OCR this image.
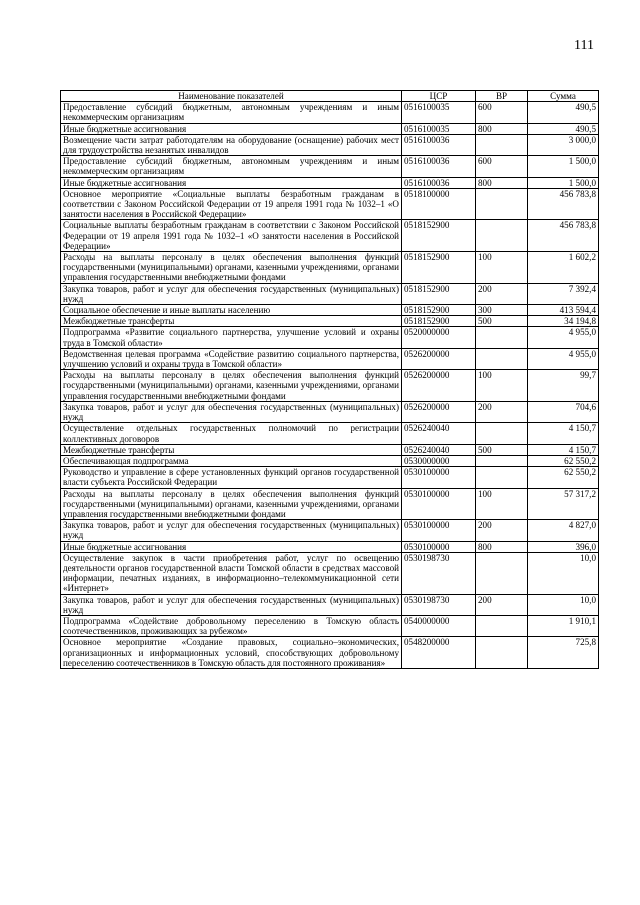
111
Наименование показателей	ЦСР	ВР	Сумма
Предоставление субсидий бюджетным, автономным учреждениям и иным некоммерческим организациям	0516100035	600	490,5
Иные бюджетные ассигнования	0516100035	800	490,5
Возмещение части затрат работодателям на оборудование (оснащение) рабочих мест для трудоустройства незанятых инвалидов	0516100036		3 000,0
Предоставление субсидий бюджетным, автономным учреждениям и иным некоммерческим организациям	0516100036	600	1 500,0
Иные бюджетные ассигнования	0516100036	800	1 500,0
Основное мероприятие «Социальные выплаты безработным гражданам в соответствии с Законом Российской Федерации от 19 апреля 1991 года № 1032–1 «О занятости населения в Российской Федерации»	0518100000		456 783,8
Социальные выплаты безработным гражданам в соответствии с Законом Российской Федерации от 19 апреля 1991 года № 1032–1 «О занятости населения в Российской Федерации»	0518152900		456 783,8
Расходы на выплаты персоналу в целях обеспечения выполнения функций государственными (муниципальными) органами, казенными учреждениями, органами управления государственными внебюджетными фондами	0518152900	100	1 602,2
Закупка товаров, работ и услуг для обеспечения государственных (муниципальных) нужд	0518152900	200	7 392,4
Социальное обеспечение и иные выплаты населению	0518152900	300	413 594,4
Межбюджетные трансферты	0518152900	500	34 194,8
Подпрограмма «Развитие социального партнерства, улучшение условий и охраны труда в Томской области»	0520000000		4 955,0
Ведомственная целевая программа «Содействие развитию социального партнерства, улучшению условий и охраны труда в Томской области»	0526200000		4 955,0
Расходы на выплаты персоналу в целях обеспечения выполнения функций государственными (муниципальными) органами, казенными учреждениями, органами управления государственными внебюджетными фондами	0526200000	100	99,7
Закупка товаров, работ и услуг для обеспечения государственных (муниципальных) нужд	0526200000	200	704,6
Осуществление отдельных государственных полномочий по регистрации коллективных договоров	0526240040		4 150,7
Межбюджетные трансферты	0526240040	500	4 150,7
Обеспечивающая подпрограмма	0530000000		62 550,2
Руководство и управление в сфере установленных функций органов государственной власти субъекта Российской Федерации	0530100000		62 550,2
Расходы на выплаты персоналу в целях обеспечения выполнения функций государственными (муниципальными) органами, казенными учреждениями, органами управления государственными внебюджетными фондами	0530100000	100	57 317,2
Закупка товаров, работ и услуг для обеспечения государственных (муниципальных) нужд	0530100000	200	4 827,0
Иные бюджетные ассигнования	0530100000	800	396,0
Осуществление закупок в части приобретения работ, услуг по освещению деятельности органов государственной власти Томской области в средствах массовой информации, печатных изданиях, в информационно–телекоммуникационной сети «Интернет»	0530198730		10,0
Закупка товаров, работ и услуг для обеспечения государственных (муниципальных) нужд	0530198730	200	10,0
Подпрограмма «Содействие добровольному переселению в Томскую область соотечественников, проживающих за рубежом»	0540000000		1 910,1
Основное мероприятие «Создание правовых, социально–экономических, организационных и информационных условий, способствующих добровольному переселению соотечественников в Томскую область для постоянного проживания»	0548200000		725,8
